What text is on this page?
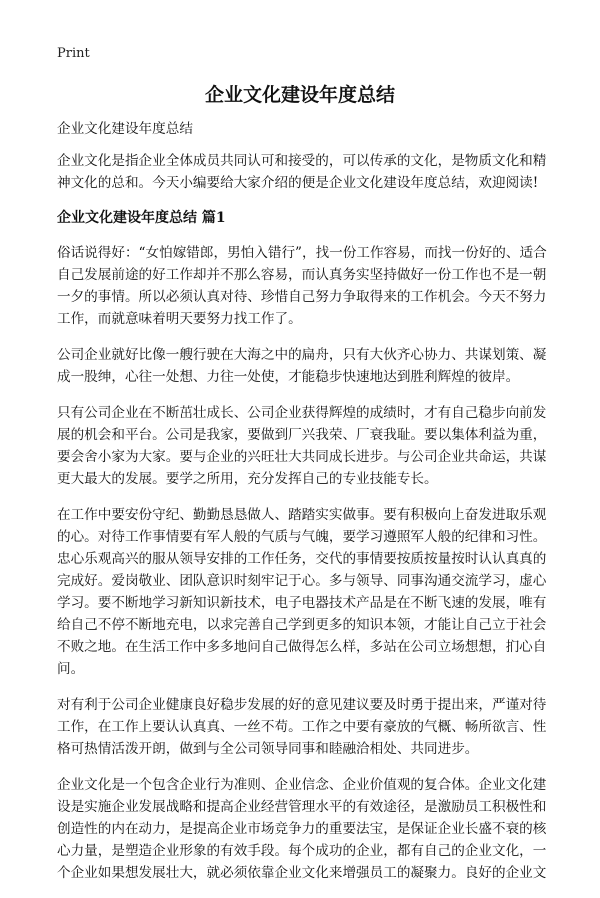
Print
企业文化建设年度总结

企业文化建设年度总结

企业文化是指企业全体成员共同认可和接受的，可以传承的文化，是物质文化和精神文化的总和。今天小编要给大家介绍的便是企业文化建设年度总结，欢迎阅读!

企业文化建设年度总结 篇1

俗话说得好：“女怕嫁错郎，男怕入错行”，找一份工作容易，而找一份好的、适合自己发展前途的好工作却并不那么容易，而认真务实坚持做好一份工作也不是一朝一夕的事情。所以必须认真对待、珍惜自己努力争取得来的工作机会。今天不努力工作，而就意味着明天要努力找工作了。

公司企业就好比像一艘行驶在大海之中的扁舟，只有大伙齐心协力、共谋划策、凝成一股绅，心往一处想、力往一处使，才能稳步快速地达到胜利辉煌的彼岸。

只有公司企业在不断茁壮成长、公司企业获得辉煌的成绩时，才有自己稳步向前发展的机会和平台。公司是我家，要做到厂兴我荣、厂衰我耻。要以集体利益为重，要会舍小家为大家。要与企业的兴旺壮大共同成长进步。与公司企业共命运，共谋更大最大的发展。要学之所用，充分发挥自己的专业技能专长。

在工作中要安份守纪、勤勤恳恳做人、踏踏实实做事。要有积极向上奋发进取乐观的心。对待工作事情要有军人般的气质与气魄，要学习遵照军人般的纪律和习性。忠心乐观高兴的服从领导安排的工作任务，交代的事情要按质按量按时认认真真的完成好。爱岗敬业、团队意识时刻牢记于心。多与领导、同事沟通交流学习，虚心学习。要不断地学习新知识新技术，电子电器技术产品是在不断飞速的发展，唯有给自己不停不断地充电，以求完善自己学到更多的知识本领，才能让自己立于社会不败之地。在生活工作中多多地问自己做得怎么样，多站在公司立场想想，扪心自问。

对有利于公司企业健康良好稳步发展的好的意见建议要及时勇于提出来，严谨对待工作，在工作上要认认真真、一丝不苟。工作之中要有豪放的气概、畅所欲言、性格可热情活泼开朗，做到与全公司领导同事和睦融洽相处、共同进步。

企业文化是一个包含企业行为准则、企业信念、企业价值观的复合体。企业文化建设是实施企业发展战略和提高企业经营管理水平的有效途径，是激励员工积极性和创造性的内在动力，是提高企业市场竞争力的重要法宝，是保证企业长盛不衰的核心力量，是塑造企业形象的有效手段。每个成功的企业，都有自己的企业文化，一个企业如果想发展壮大，就必须依靠企业文化来增强员工的凝聚力。良好的企业文
